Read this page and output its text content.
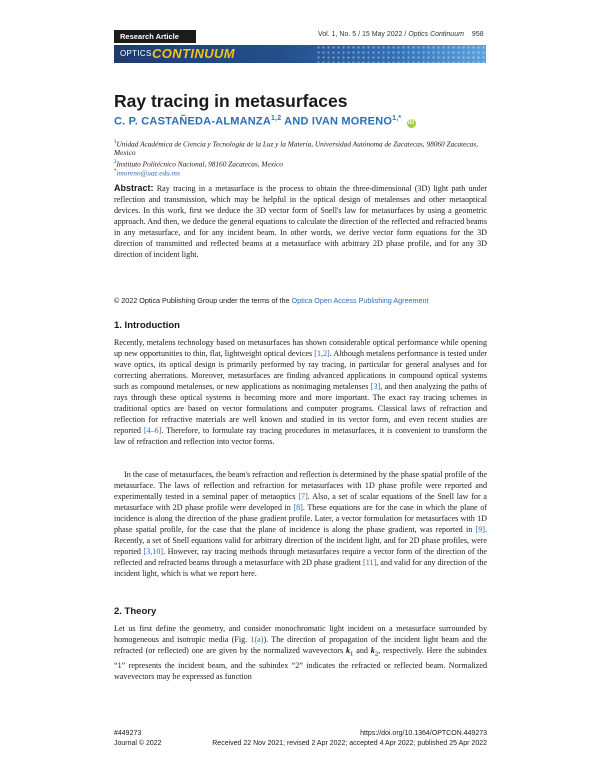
Research Article	Vol. 1, No. 5 / 15 May 2022 / Optics Continuum 958
OPTICS CONTINUUM
Ray tracing in metasurfaces
C. P. CASTAÑEDA-ALMANZA$^{1,2}$ AND IVAN $MORENO^{1,*}$ iD
$^1$Unidad Académica de Ciencia y Tecnología de la Luz y la Materia, Universidad Autónoma de Zacatecas, 98060 Zacatecas, Mexico
$^2$Instituto Politécnico Nacional, 98160 Zacatecas, Mexico
*imoreno@uaz.edu.mx
Abstract: Ray tracing in a metasurface is the process to obtain the three-dimensional (3D) light path under reflection and transmission, which may be helpful in the optical design of metalenses and other metaoptical devices. In this work, first we deduce the 3D vector form of Snell's law for metasurfaces by using a geometric approach. And then, we deduce the general equations to calculate the direction of the reflected and refracted beams in any metasurface, and for any incident beam. In other words, we derive vector form equations for the 3D direction of transmitted and reflected beams at a metasurface with arbitrary 2D phase profile, and for any 3D direction of incident light.
© 2022 Optica Publishing Group under the terms of the Optica Open Access Publishing Agreement
1. Introduction
Recently, metalens technology based on metasurfaces has shown considerable optical performance while opening up new opportunities to thin, flat, lightweight optical devices [1,2]. Although metalens performance is tested under wave optics, its optical design is primarily performed by ray tracing, in particular for general analyses and for correcting aberrations. Moreover, metasurfaces are finding advanced applications in compound optical systems such as compound metalenses, or new applications as nonimaging metalenses [3], and then analyzing the paths of rays through these optical systems is becoming more and more important. The exact ray tracing schemes in traditional optics are based on vector formulations and computer programs. Classical laws of refraction and reflection for refractive materials are well known and studied in its vector form, and even recent studies are reported [4–6]. Therefore, to formulate ray tracing procedures in metasurfaces, it is convenient to transform the law of refraction and reflection into vector forms.
In the case of metasurfaces, the beam's refraction and reflection is determined by the phase spatial profile of the metasurface. The laws of reflection and refraction for metasurfaces with 1D phase profile were reported and experimentally tested in a seminal paper of metaoptics [7]. Also, a set of scalar equations of the Snell law for a metasurface with 2D phase profile were developed in [8]. These equations are for the case in which the plane of incidence is along the direction of the phase gradient profile. Later, a vector formulation for metasurfaces with 1D phase spatial profile, for the case that the plane of incidence is along the phase gradient, was reported in [9]. Recently, a set of Snell equations valid for arbitrary direction of the incident light, and for 2D phase profiles, were reported [3,10]. However, ray tracing methods through metasurfaces require a vector form of the direction of the reflected and refracted beams through a metasurface with 2D phase gradient [11], and valid for any direction of the incident light, which is what we report here.
2. Theory
Let us first define the geometry, and consider monochromatic light incident on a metasurface surrounded by homogeneous and isotropic media (Fig. 1(a)). The direction of propagation of the incident light beam and the refracted (or reflected) one are given by the normalized wavevectors $k_1$ and $k_2$, respectively. Here the subindex “1” represents the incident beam, and the subindex “2” indicates the refracted or reflected beam. Normalized wavevectors may be expressed as function
#449273
Journal © 2022
https://doi.org/10.1364/OPTCON.449273
Received 22 Nov 2021; revised 2 Apr 2022; accepted 4 Apr 2022; published 25 Apr 2022
